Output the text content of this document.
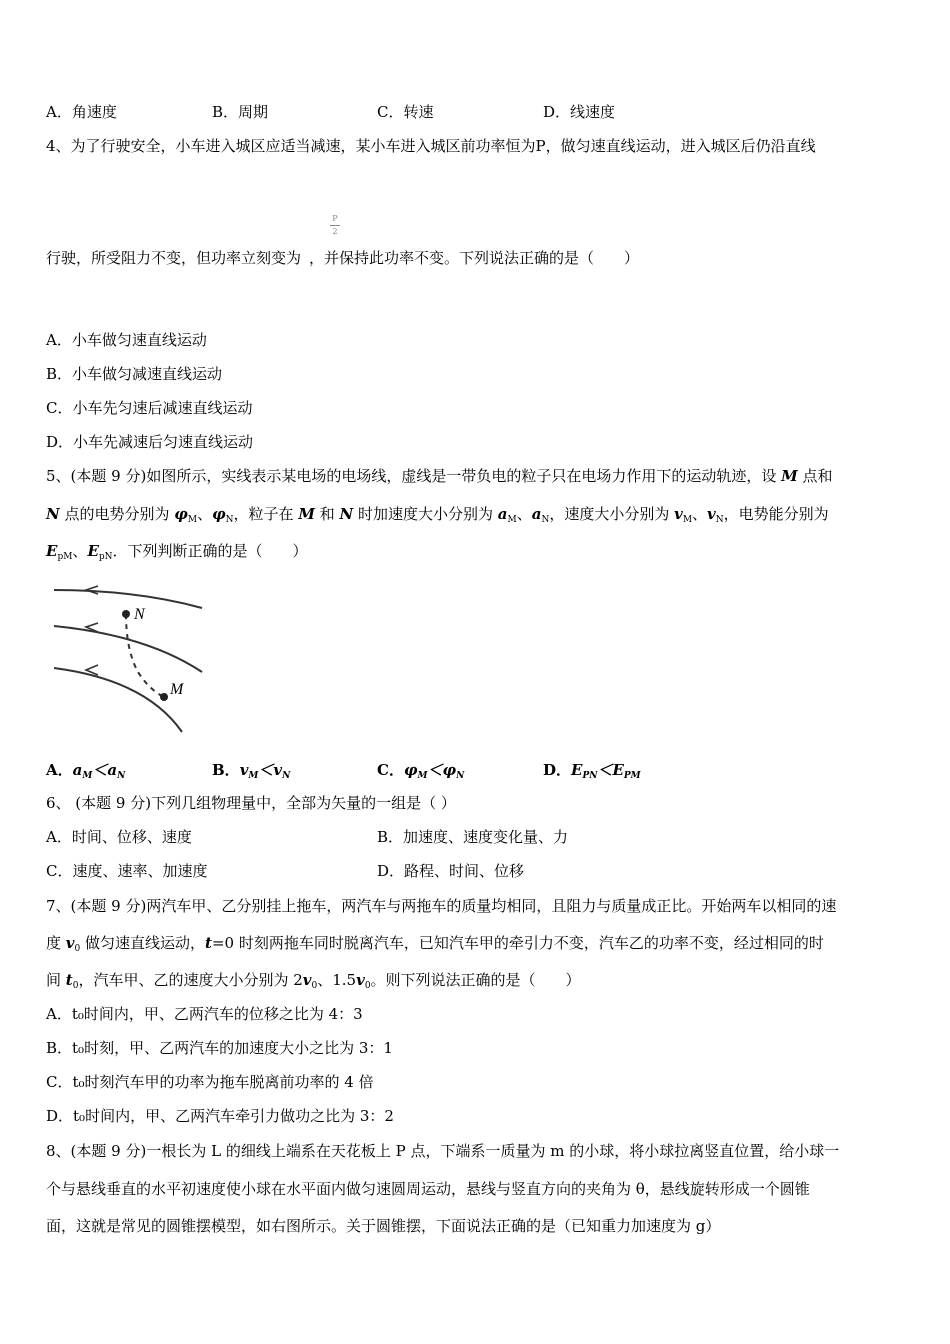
A．角速度	B．周期	C．转速	D．线速度
4、为了行驶安全，小车进入城区应适当减速，某小车进入城区前功率恒为P，做匀速直线运动，进入城区后仍沿直线
P
2
行驶，所受阻力不变，但功率立刻变为 ，并保持此功率不变。下列说法正确的是（　　）
A．小车做匀速直线运动
B．小车做匀减速直线运动
C．小车先匀速后减速直线运动
D．小车先减速后匀速直线运动
5、(本题 9 分)如图所示，实线表示某电场的电场线，虚线是一带负电的粒子只在电场力作用下的运动轨迹，设 M 点和
N 点的电势分别为 $\varphi_M$、$\varphi_N$，粒子在 M 和 N 时加速度大小分别为 $a_M$、$a_N$，速度大小分别为 $v_M$、$v_N$，电势能分别为
$E_{pM}$、$E_{pN}$．下列判断正确的是（　　）
N
M
A．$a_M<a_N$	B．$v_M<v_N$	C．$\varphi_M<\varphi_N$	D．$E_{PN}<E_{PM}$
6、 (本题 9 分)下列几组物理量中，全部为矢量的一组是（ ）
A．时间、位移、速度	B．加速度、速度变化量、力
C．速度、速率、加速度	D．路程、时间、位移
7、(本题 9 分)两汽车甲、乙分别挂上拖车，两汽车与两拖车的质量均相同，且阻力与质量成正比。开始两车以相同的速
度 $v_0$ 做匀速直线运动，t=0 时刻两拖车同时脱离汽车，已知汽车甲的牵引力不变，汽车乙的功率不变，经过相同的时
间 $t_0$，汽车甲、乙的速度大小分别为 $2v_0$、$1.5v_0$。则下列说法正确的是（　　）
A．t₀时间内，甲、乙两汽车的位移之比为 4：3
B．t₀时刻，甲、乙两汽车的加速度大小之比为 3：1
C．t₀时刻汽车甲的功率为拖车脱离前功率的 4 倍
D．t₀时间内，甲、乙两汽车牵引力做功之比为 3：2
8、(本题 9 分)一根长为 L 的细线上端系在天花板上 P 点，下端系一质量为 m 的小球，将小球拉离竖直位置，给小球一
个与悬线垂直的水平初速度使小球在水平面内做匀速圆周运动，悬线与竖直方向的夹角为 θ，悬线旋转形成一个圆锥
面，这就是常见的圆锥摆模型，如右图所示。关于圆锥摆，下面说法正确的是（已知重力加速度为 g）
